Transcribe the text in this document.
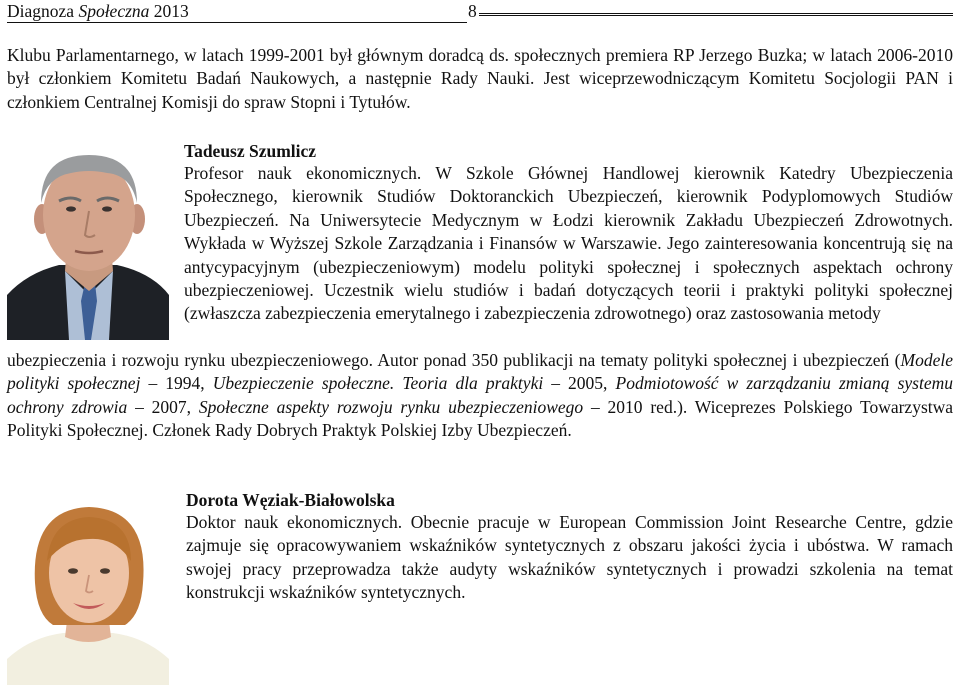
Diagnoza Społeczna 2013	8
Klubu Parlamentarnego, w latach 1999-2001 był głównym doradcą ds. społecznych premiera RP Jerzego Buzka; w latach 2006-2010 był członkiem Komitetu Badań Naukowych, a następnie Rady Nauki. Jest wiceprzewodniczącym Komitetu Socjologii PAN i członkiem Centralnej Komisji do spraw Stopni i Tytułów.
Tadeusz Szumlicz
Profesor nauk ekonomicznych. W Szkole Głównej Handlowej kierownik Katedry Ubezpieczenia Społecznego, kierownik Studiów Doktoranckich Ubezpieczeń, kierownik Podyplomowych Studiów Ubezpieczeń. Na Uniwersytecie Medycznym w Łodzi kierownik Zakładu Ubezpieczeń Zdrowotnych. Wykłada w Wyższej Szkole Zarządzania i Finansów w Warszawie. Jego zainteresowania koncentrują się na antycypacyjnym (ubezpieczeniowym) modelu polityki społecznej i społecznych aspektach ochrony ubezpieczeniowej. Uczestnik wielu studiów i badań dotyczących teorii i praktyki polityki społecznej (zwłaszcza zabezpieczenia emerytalnego i zabezpieczenia zdrowotnego) oraz zastosowania metody
ubezpieczenia i rozwoju rynku ubezpieczeniowego. Autor ponad 350 publikacji na tematy polityki społecznej i ubezpieczeń (Modele polityki społecznej – 1994, Ubezpieczenie społeczne. Teoria dla praktyki – 2005, Podmiotowość w zarządzaniu zmianą systemu ochrony zdrowia – 2007, Społeczne aspekty rozwoju rynku ubezpieczeniowego – 2010 red.). Wiceprezes Polskiego Towarzystwa Polityki Społecznej. Członek Rady Dobrych Praktyk Polskiej Izby Ubezpieczeń.
Dorota Węziak-Białowolska
Doktor nauk ekonomicznych. Obecnie pracuje w European Commission Joint Researche Centre, gdzie zajmuje się opracowywaniem wskaźników syntetycznych z obszaru jakości życia i ubóstwa. W ramach swojej pracy przeprowadza także audyty wskaźników syntetycznych i prowadzi szkolenia na temat konstrukcji wskaźników syntetycznych.
